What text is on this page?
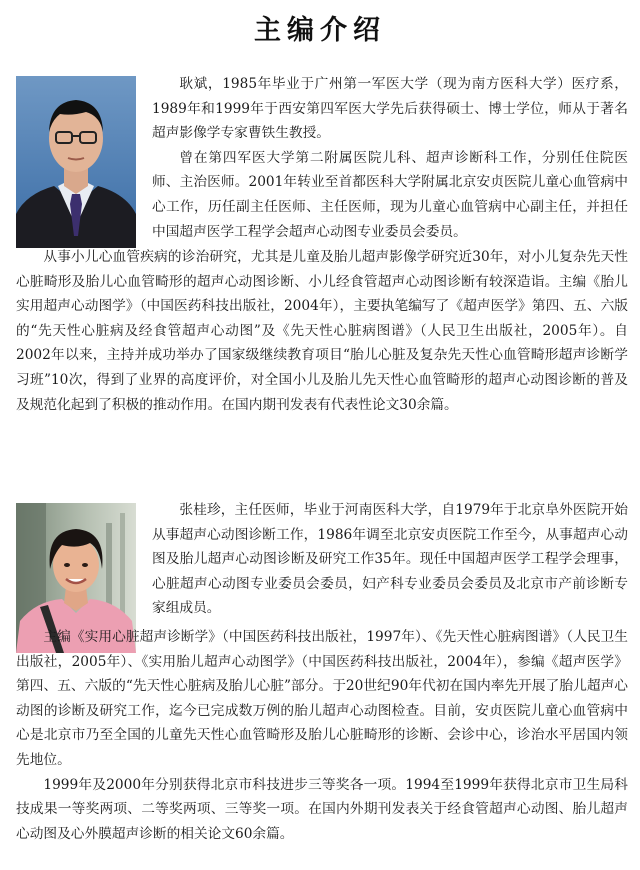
主编介绍

耿斌，1985年毕业于广州第一军医大学（现为南方医科大学）医疗系，1989年和1999年于西安第四军医大学先后获得硕士、博士学位，师从于著名超声影像学专家曹铁生教授。

曾在第四军医大学第二附属医院儿科、超声诊断科工作，分别任住院医师、主治医师。2001年转业至首都医科大学附属北京安贞医院儿童心血管病中心工作，历任副主任医师、主任医师，现为儿童心血管病中心副主任，并担任中国超声医学工程学会超声心动图专业委员会委员。

从事小儿心血管疾病的诊治研究，尤其是儿童及胎儿超声影像学研究近30年，对小儿复杂先天性心脏畸形及胎儿心血管畸形的超声心动图诊断、小儿经食管超声心动图诊断有较深造诣。主编《胎儿实用超声心动图学》（中国医药科技出版社，2004年），主要执笔编写了《超声医学》第四、五、六版的“先天性心脏病及经食管超声心动图”及《先天性心脏病图谱》（人民卫生出版社，2005年）。自2002年以来，主持并成功举办了国家级继续教育项目“胎儿心脏及复杂先天性心血管畸形超声诊断学习班”10次，得到了业界的高度评价，对全国小儿及胎儿先天性心血管畸形的超声心动图诊断的普及及规范化起到了积极的推动作用。在国内期刊发表有代表性论文30余篇。

张桂珍，主任医师，毕业于河南医科大学，自1979年于北京阜外医院开始从事超声心动图诊断工作，1986年调至北京安贞医院工作至今，从事超声心动图及胎儿超声心动图诊断及研究工作35年。现任中国超声医学工程学会理事，心脏超声心动图专业委员会委员，妇产科专业委员会委员及北京市产前诊断专家组成员。

主编《实用心脏超声诊断学》（中国医药科技出版社，1997年）、《先天性心脏病图谱》（人民卫生出版社，2005年）、《实用胎儿超声心动图学》（中国医药科技出版社，2004年），参编《超声医学》第四、五、六版的“先天性心脏病及胎儿心脏”部分。于20世纪90年代初在国内率先开展了胎儿超声心动图的诊断及研究工作，迄今已完成数万例的胎儿超声心动图检查。目前，安贞医院儿童心血管病中心是北京市乃至全国的儿童先天性心血管畸形及胎儿心脏畸形的诊断、会诊中心，诊治水平居国内领先地位。

1999年及2000年分别获得北京市科技进步三等奖各一项。1994至1999年获得北京市卫生局科技成果一等奖两项、二等奖两项、三等奖一项。在国内外期刊发表关于经食管超声心动图、胎儿超声心动图及心外膜超声诊断的相关论文60余篇。
